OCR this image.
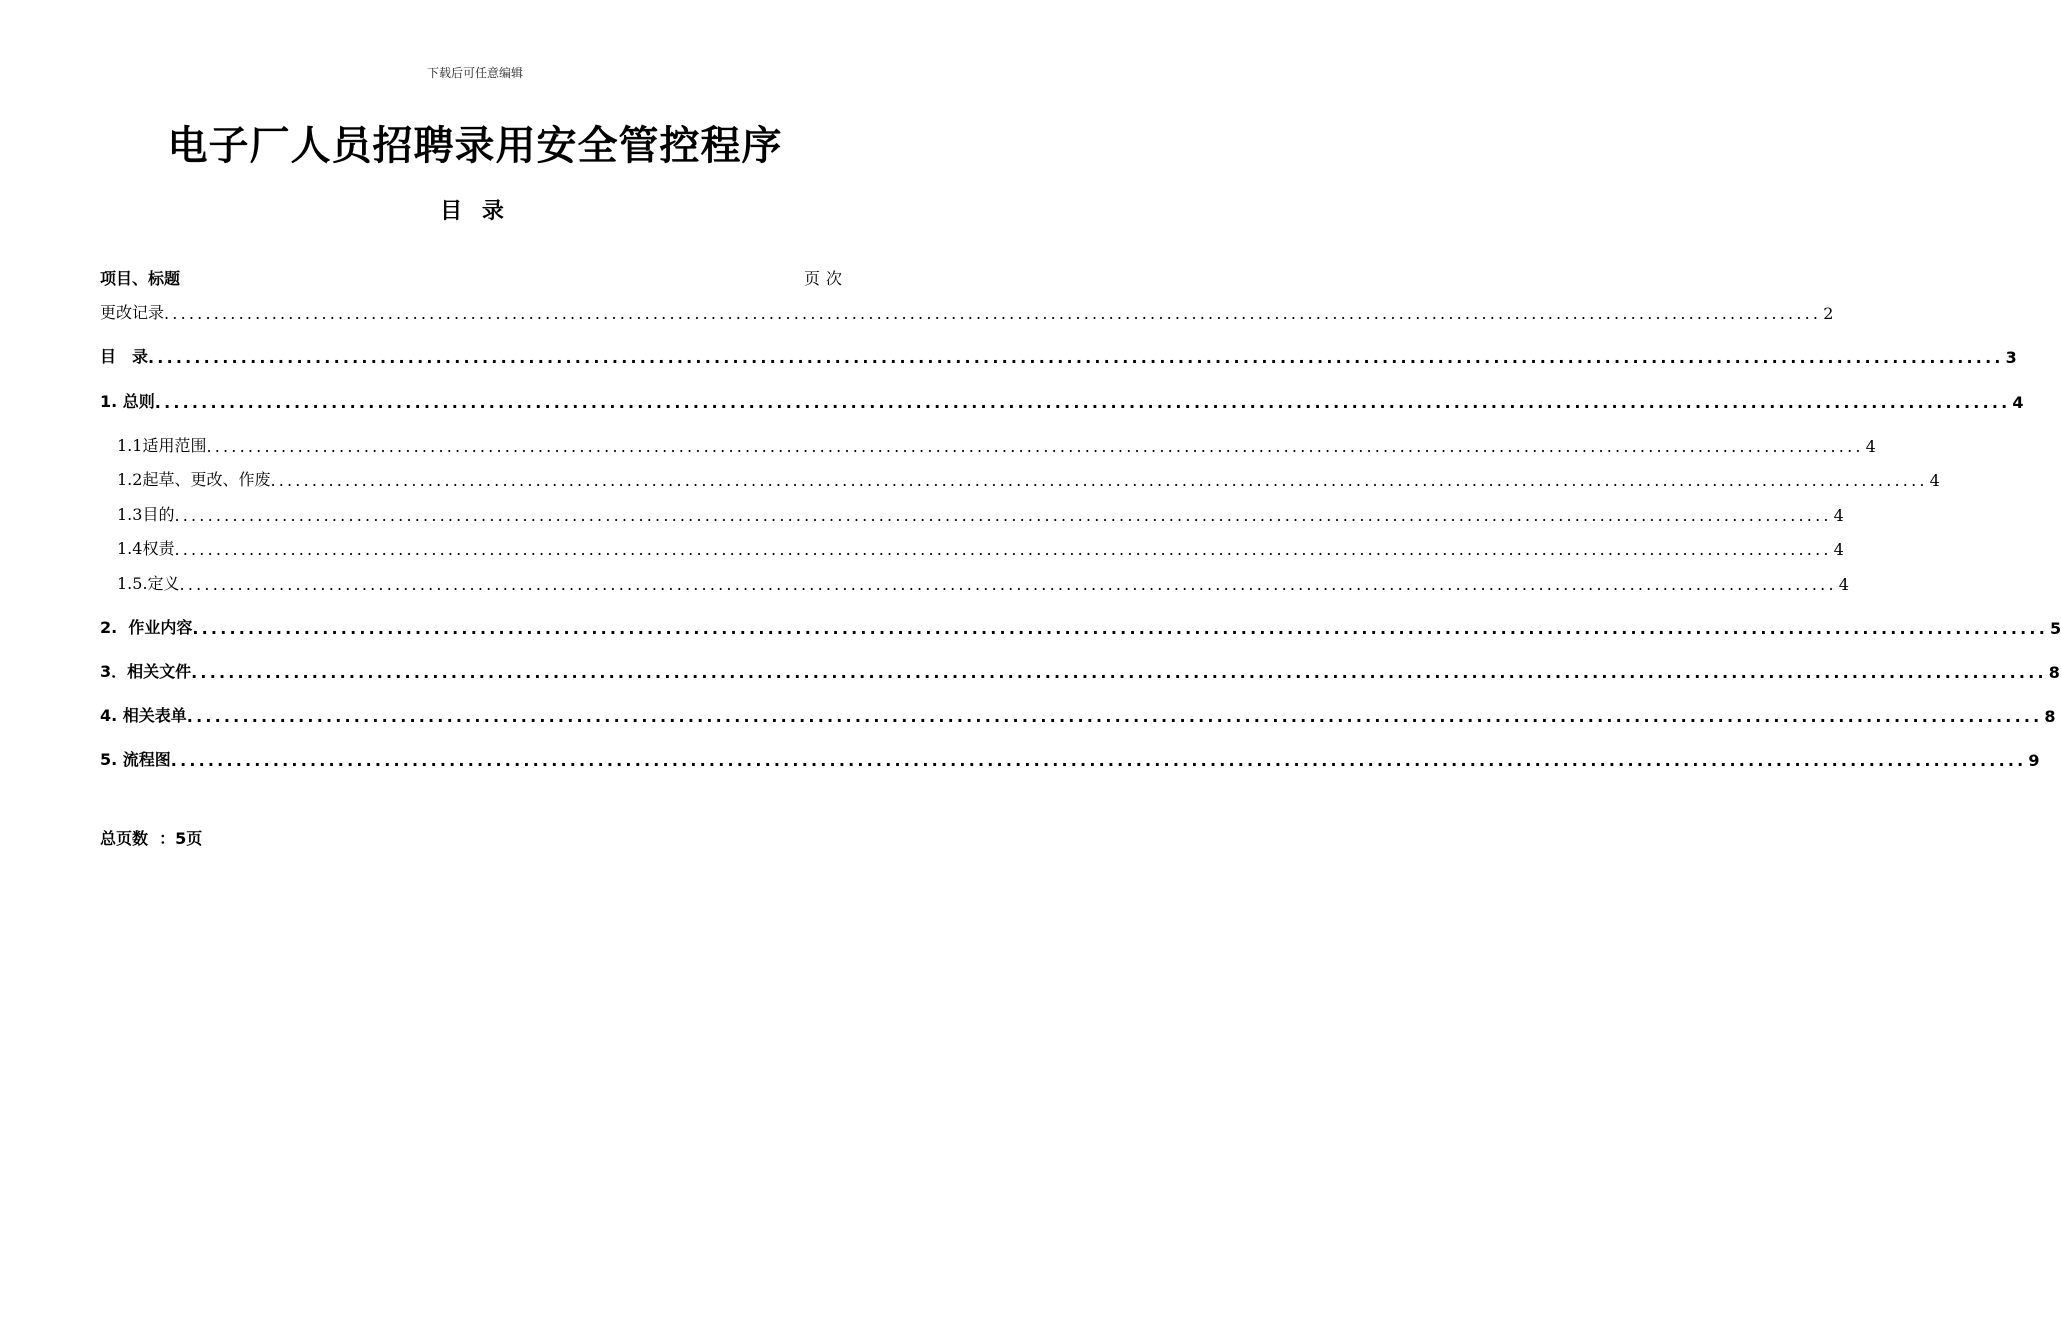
下载后可任意编辑
电子厂人员招聘录用安全管控程序
目 录
项目、标题	页次
更改记录 ........................................................................................................................................................................................................ 2
目　录 ........................................................................................................................................................................................................ 3
1. 总则 ........................................................................................................................................................................................................ 4
1.1适用范围 ........................................................................................................................................................................................................ 4
1.2起草、更改、作废 ........................................................................................................................................................................................................ 4
1.3目的 ........................................................................................................................................................................................................ 4
1.4权责 ........................................................................................................................................................................................................ 4
1.5.定义 ........................................................................................................................................................................................................ 4
2.  作业内容 ........................................................................................................................................................................................................ 5
3．相关文件 ........................................................................................................................................................................................................ 8
4. 相关表单 ........................................................................................................................................................................................................ 8
5. 流程图 ........................................................................................................................................................................................................ 9
总页数  ：5页
